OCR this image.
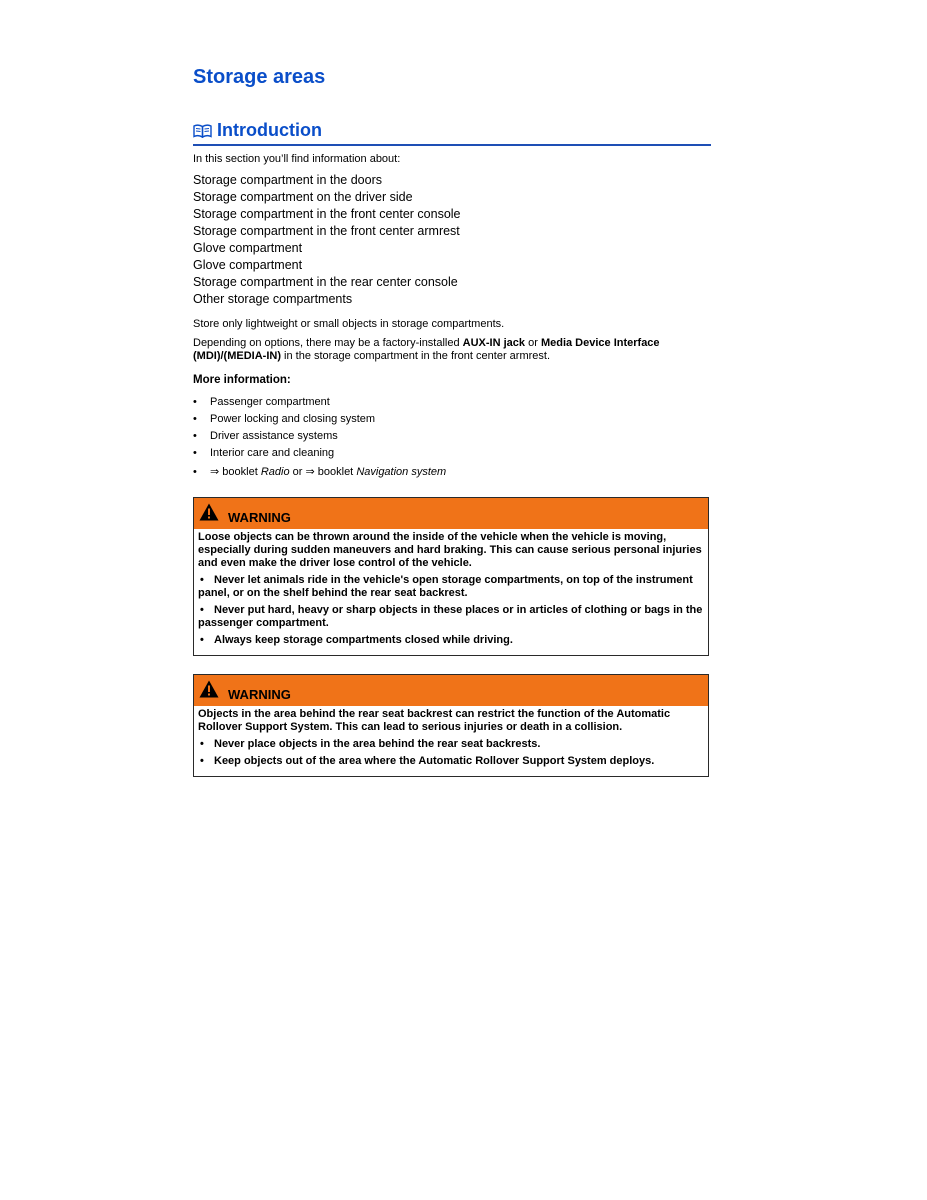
Storage areas
Introduction
In this section you’ll find information about:
Storage compartment in the doors
Storage compartment on the driver side
Storage compartment in the front center console
Storage compartment in the front center armrest
Glove compartment
Glove compartment
Storage compartment in the rear center console
Other storage compartments
Store only lightweight or small objects in storage compartments.
Depending on options, there may be a factory-installed AUX-IN jack or Media Device Interface (MDI)/(MEDIA-IN) in the storage compartment in the front center armrest.
More information:
• Passenger compartment
• Power locking and closing system
• Driver assistance systems
• Interior care and cleaning
• ⇒ booklet Radio or ⇒ booklet Navigation system
WARNING

Loose objects can be thrown around the inside of the vehicle when the vehicle is moving, especially during sudden maneuvers and hard braking. This can cause serious personal injuries and even make the driver lose control of the vehicle.

• Never let animals ride in the vehicle's open storage compartments, on top of the instrument panel, or on the shelf behind the rear seat backrest.
• Never put hard, heavy or sharp objects in these places or in articles of clothing or bags in the passenger compartment.
• Always keep storage compartments closed while driving.
WARNING

Objects in the area behind the rear seat backrest can restrict the function of the Automatic Rollover Support System. This can lead to serious injuries or death in a collision.

• Never place objects in the area behind the rear seat backrests.
• Keep objects out of the area where the Automatic Rollover Support System deploys.
